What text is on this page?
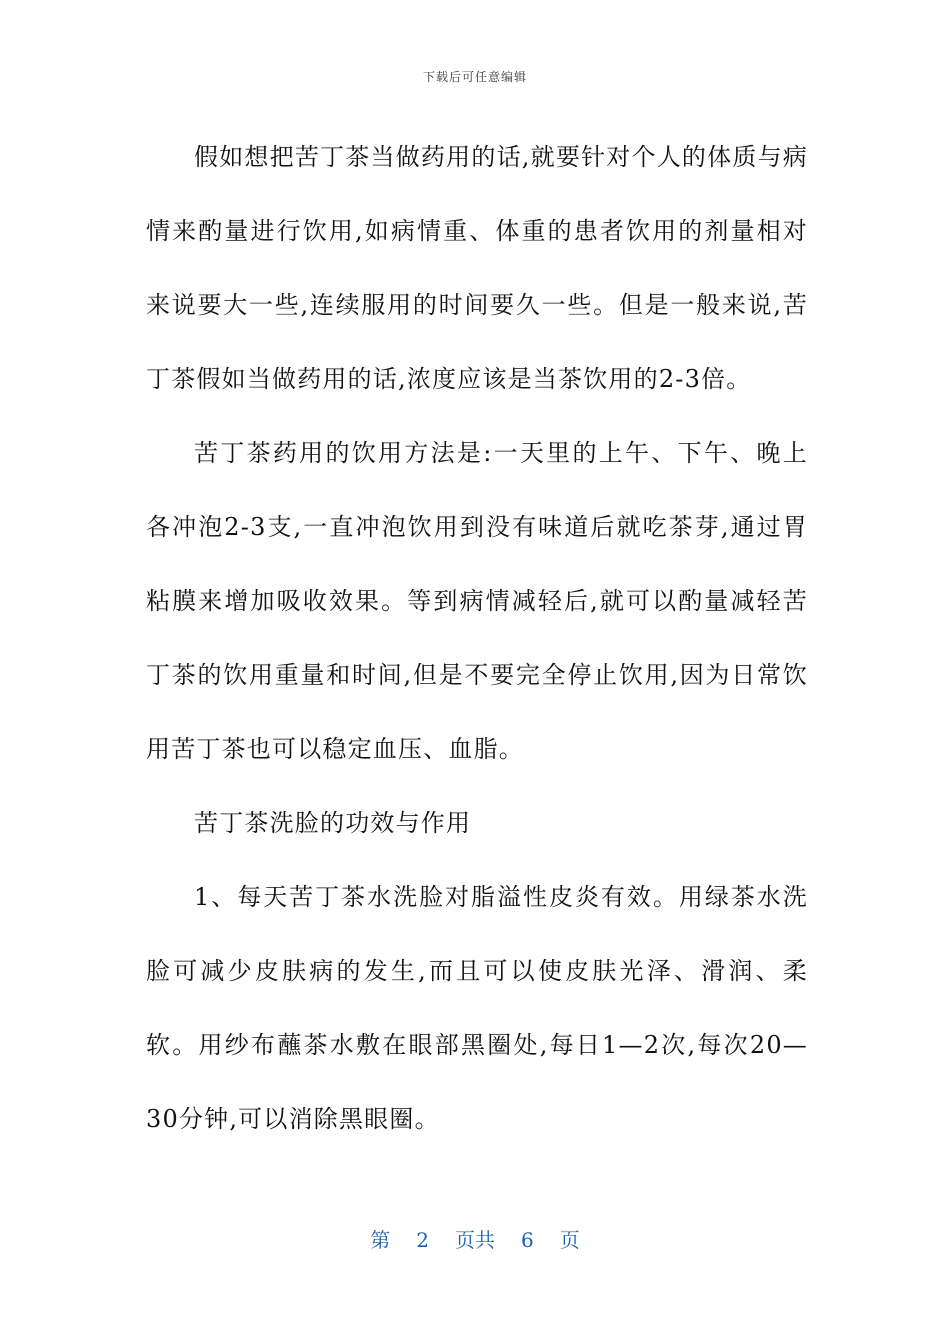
下载后可任意编辑

假如想把苦丁茶当做药用的话,就要针对个人的体质与病情来酌量进行饮用,如病情重、体重的患者饮用的剂量相对来说要大一些,连续服用的时间要久一些。但是一般来说,苦丁茶假如当做药用的话,浓度应该是当茶饮用的2-3倍。

苦丁茶药用的饮用方法是:一天里的上午、下午、晚上各冲泡2-3支,一直冲泡饮用到没有味道后就吃茶芽,通过胃粘膜来增加吸收效果。等到病情减轻后,就可以酌量减轻苦丁茶的饮用重量和时间,但是不要完全停止饮用,因为日常饮用苦丁茶也可以稳定血压、血脂。

苦丁茶洗脸的功效与作用

1、每天苦丁茶水洗脸对脂溢性皮炎有效。用绿茶水洗脸可减少皮肤病的发生,而且可以使皮肤光泽、滑润、柔软。用纱布蘸茶水敷在眼部黑圈处,每日1—2次,每次20—30分钟,可以消除黑眼圈。

第 2 页共 6 页
